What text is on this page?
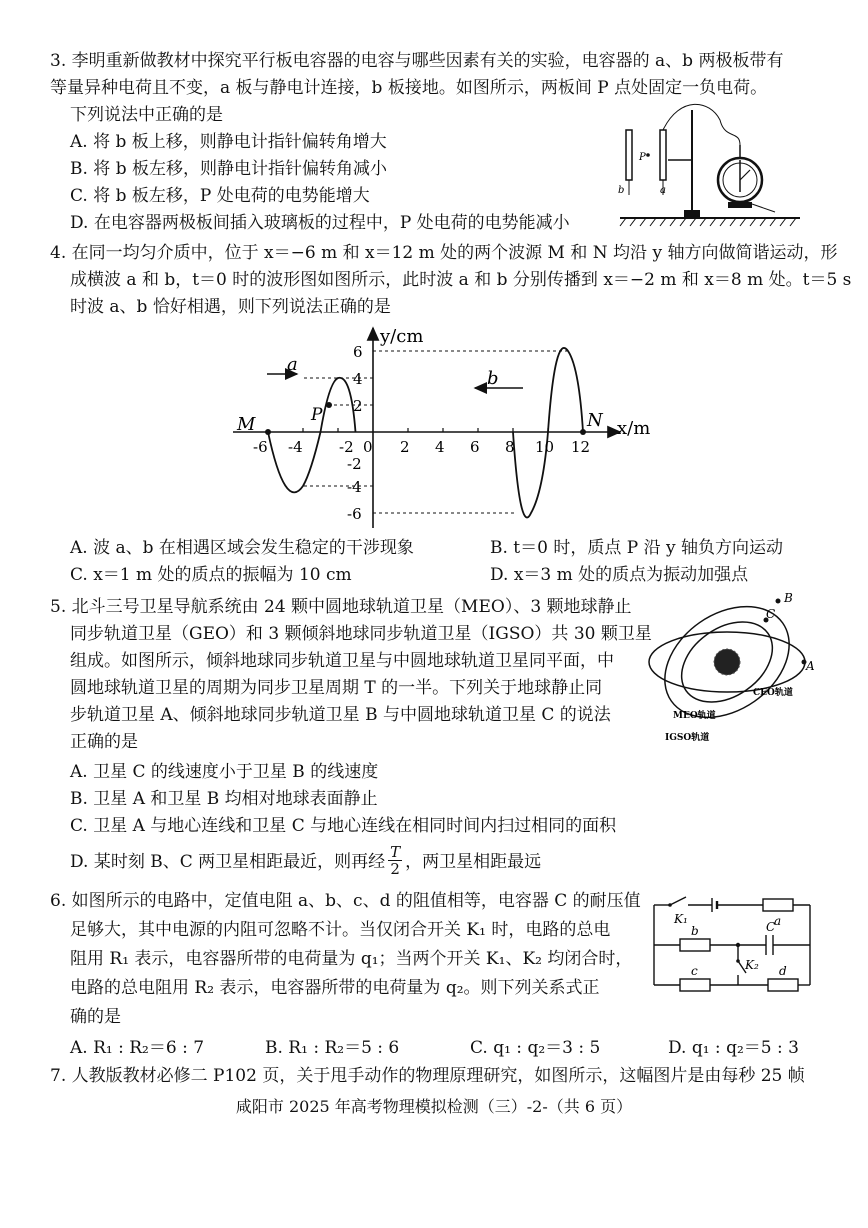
3. 李明重新做教材中探究平行板电容器的电容与哪些因素有关的实验，电容器的 a、b 两极板带有
等量异种电荷且不变，a 板与静电计连接，b 板接地。如图所示，两板间 P 点处固定一负电荷。
下列说法中正确的是
A. 将 b 板上移，则静电计指针偏转角增大
B. 将 b 板左移，则静电计指针偏转角减小
C. 将 b 板左移，P 处电荷的电势能增大
D. 在电容器两极板间插入玻璃板的过程中，P 处电荷的电势能减小
b	a
P
4. 在同一均匀介质中，位于 x＝−6 m 和 x＝12 m 处的两个波源 M 和 N 均沿 y 轴方向做简谐运动，形
成横波 a 和 b，t＝0 时的波形图如图所示，此时波 a 和 b 分别传播到 x＝−2 m 和 x＝8 m 处。t＝5 s
时波 a、b 恰好相遇，则下列说法正确的是
y/cm
x/m
a
b
M	N
P
0
-6 -4 -2	2 4 6 8 10 12
6
4
2
-2
-4
-6
A. 波 a、b 在相遇区域会发生稳定的干涉现象	B. t＝0 时，质点 P 沿 y 轴负方向运动
C. x＝1 m 处的质点的振幅为 10 cm	D. x＝3 m 处的质点为振动加强点
5. 北斗三号卫星导航系统由 24 颗中圆地球轨道卫星（MEO）、3 颗地球静止
同步轨道卫星（GEO）和 3 颗倾斜地球同步轨道卫星（IGSO）共 30 颗卫星
组成。如图所示，倾斜地球同步轨道卫星与中圆地球轨道卫星同平面，中
圆地球轨道卫星的周期为同步卫星周期 T 的一半。下列关于地球静止同
步轨道卫星 A、倾斜地球同步轨道卫星 B 与中圆地球轨道卫星 C 的说法
正确的是
A. 卫星 C 的线速度小于卫星 B 的线速度
B. 卫星 A 和卫星 B 均相对地球表面静止
C. 卫星 A 与地心连线和卫星 C 与地心连线在相同时间内扫过相同的面积
D. 某时刻 B、C 两卫星相距最近，则再经 $\frac{T}{2}$ ，两卫星相距最远
A
B
C
CEO轨道
MEO轨道
IGSO轨道
6. 如图所示的电路中，定值电阻 a、b、c、d 的阻值相等，电容器 C 的耐压值
足够大，其中电源的内阻可忽略不计。当仅闭合开关 K₁ 时，电路的总电
阻用 R₁ 表示，电容器所带的电荷量为 q₁；当两个开关 K₁、K₂ 均闭合时，
电路的总电阻用 R₂ 表示，电容器所带的电荷量为 q₂。则下列关系式正
确的是
A. R₁ : R₂＝6 : 7	B. R₁ : R₂＝5 : 6	C. q₁ : q₂＝3 : 5	D. q₁ : q₂＝5 : 3
K₁	a
b	C
c	K₂ d
7. 人教版教材必修二 P102 页，关于甩手动作的物理原理研究，如图所示，这幅图片是由每秒 25 帧
咸阳市 2025 年高考物理模拟检测（三）-2-（共 6 页）
